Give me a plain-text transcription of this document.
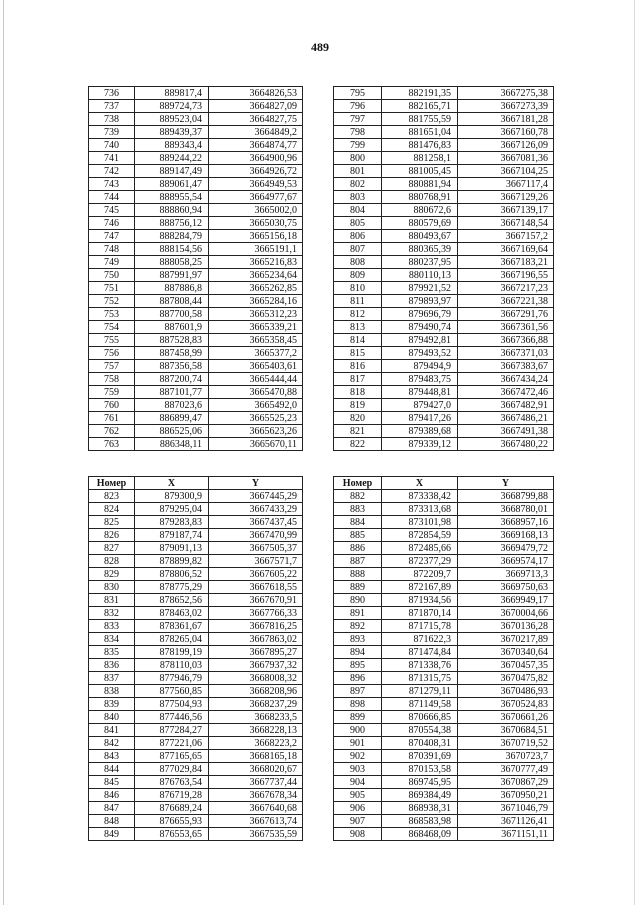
489
736	889817,4	3664826,53
737	889724,73	3664827,09
738	889523,04	3664827,75
739	889439,37	3664849,2
740	889343,4	3664874,77
741	889244,22	3664900,96
742	889147,49	3664926,72
743	889061,47	3664949,53
744	888955,54	3664977,67
745	888860,94	3665002,0
746	888756,12	3665030,75
747	888284,79	3665156,18
748	888154,56	3665191,1
749	888058,25	3665216,83
750	887991,97	3665234,64
751	887886,8	3665262,85
752	887808,44	3665284,16
753	887700,58	3665312,23
754	887601,9	3665339,21
755	887528,83	3665358,45
756	887458,99	3665377,2
757	887356,58	3665403,61
758	887200,74	3665444,44
759	887101,77	3665470,88
760	887023,6	3665492,0
761	886899,47	3665525,23
762	886525,06	3665623,26
763	886348,11	3665670,11
795	882191,35	3667275,38
796	882165,71	3667273,39
797	881755,59	3667181,28
798	881651,04	3667160,78
799	881476,83	3667126,09
800	881258,1	3667081,36
801	881005,45	3667104,25
802	880881,94	3667117,4
803	880768,91	3667129,26
804	880672,6	3667139,17
805	880579,69	3667148,54
806	880493,67	3667157,2
807	880365,39	3667169,64
808	880237,95	3667183,21
809	880110,13	3667196,55
810	879921,52	3667217,23
811	879893,97	3667221,38
812	879696,79	3667291,76
813	879490,74	3667361,56
814	879492,81	3667366,88
815	879493,52	3667371,03
816	879494,9	3667383,67
817	879483,75	3667434,24
818	879448,81	3667472,46
819	879427,0	3667482,91
820	879417,26	3667486,21
821	879389,68	3667491,38
822	879339,12	3667480,22
Номер	X	Y
823	879300,9	3667445,29
824	879295,04	3667433,29
825	879283,83	3667437,45
826	879187,74	3667470,99
827	879091,13	3667505,37
828	878899,82	3667571,7
829	878806,52	3667605,22
830	878775,29	3667618,55
831	878652,56	3667670,91
832	878463,02	3667766,33
833	878361,67	3667816,25
834	878265,04	3667863,02
835	878199,19	3667895,27
836	878110,03	3667937,32
837	877946,79	3668008,32
838	877560,85	3668208,96
839	877504,93	3668237,29
840	877446,56	3668233,5
841	877284,27	3668228,13
842	877221,06	3668223,2
843	877165,65	3668165,18
844	877029,84	3668020,67
845	876763,54	3667737,44
846	876719,28	3667678,34
847	876689,24	3667640,68
848	876655,93	3667613,74
849	876553,65	3667535,59
Номер	X	Y
882	873338,42	3668799,88
883	873313,68	3668780,01
884	873101,98	3668957,16
885	872854,59	3669168,13
886	872485,66	3669479,72
887	872377,29	3669574,17
888	872209,7	3669713,3
889	872167,89	3669750,63
890	871934,56	3669949,17
891	871870,14	3670004,66
892	871715,78	3670136,28
893	871622,3	3670217,89
894	871474,84	3670340,64
895	871338,76	3670457,35
896	871315,75	3670475,82
897	871279,11	3670486,93
898	871149,58	3670524,83
899	870666,85	3670661,26
900	870554,38	3670684,51
901	870408,31	3670719,52
902	870391,69	3670723,7
903	870153,58	3670777,49
904	869745,95	3670867,29
905	869384,49	3670950,21
906	868938,31	3671046,79
907	868583,98	3671126,41
908	868468,09	3671151,11
